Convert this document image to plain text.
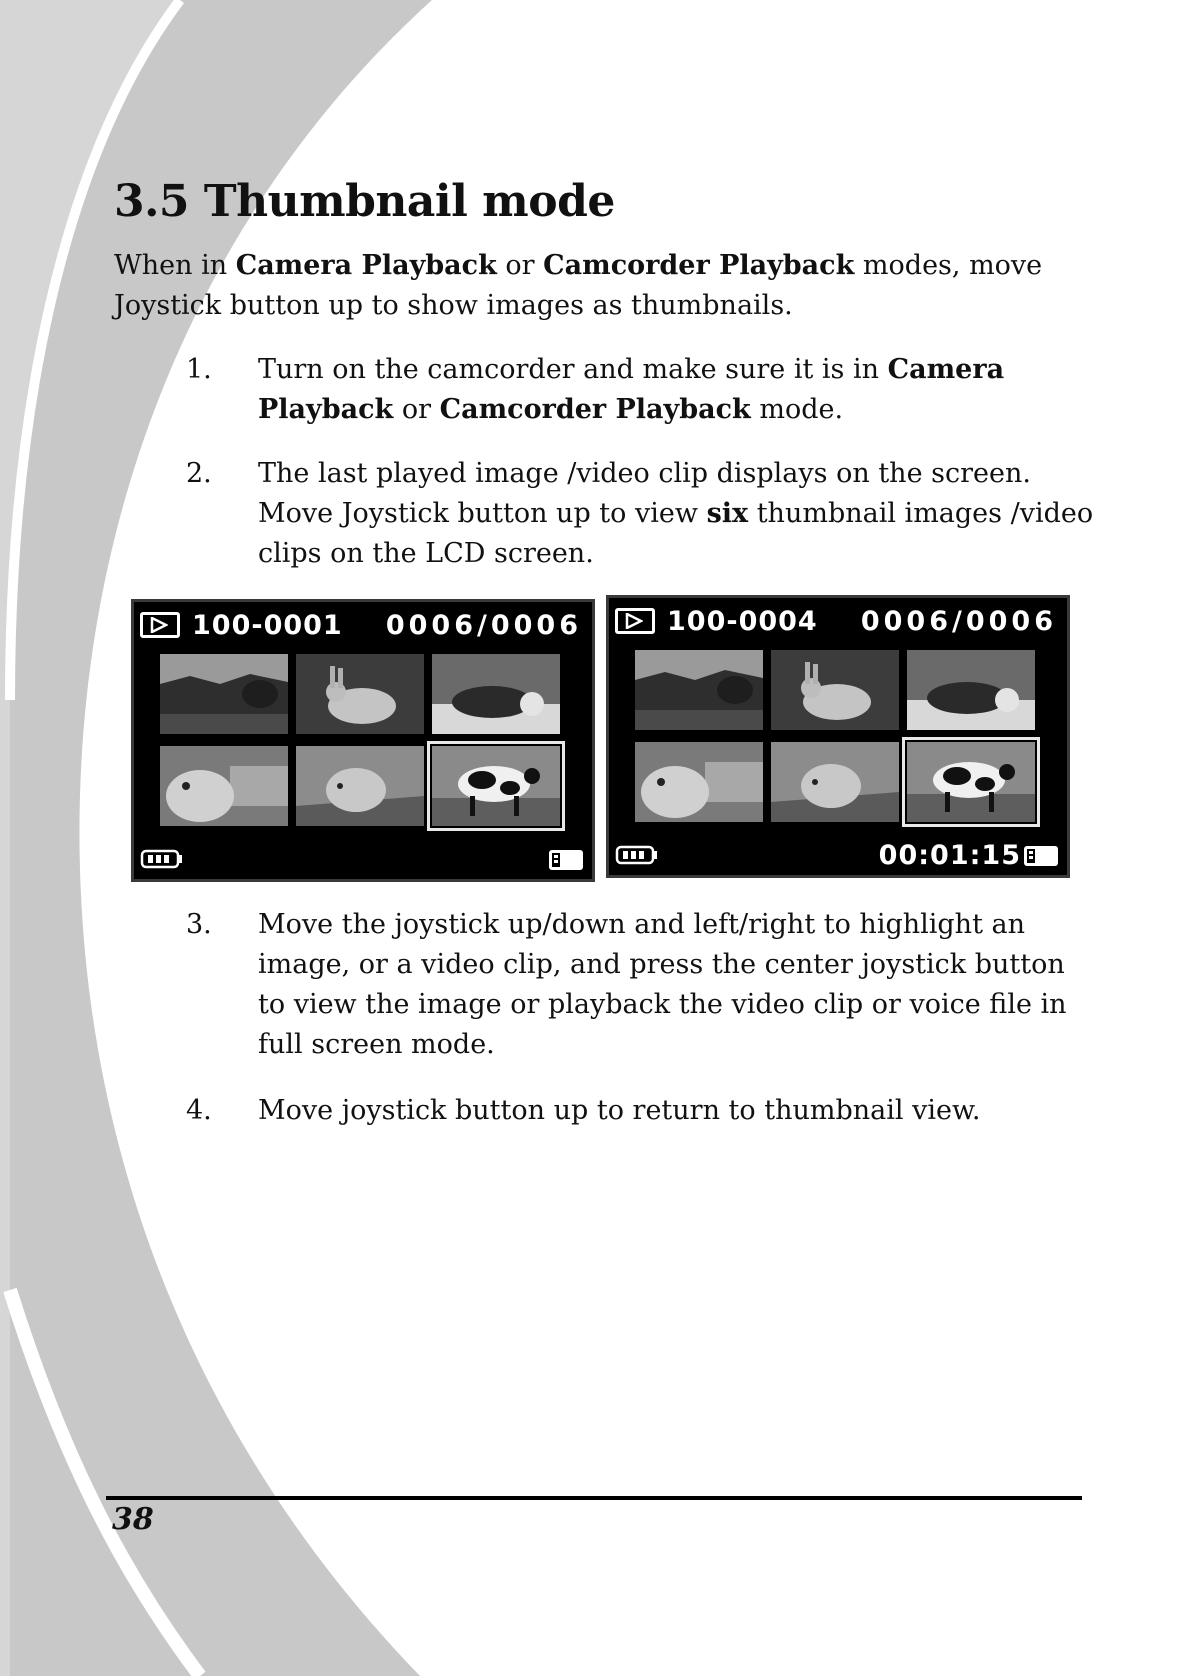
3.5 Thumbnail mode

When in Camera Playback or Camcorder Playback modes, move Joystick button up to show images as thumbnails.

1.	Turn on the camcorder and make sure it is in Camera Playback or Camcorder Playback mode.
2.	The last played image /video clip displays on the screen. Move Joystick button up to view six thumbnail images /video clips on the LCD screen.
100-0001 0006/0006	100-0004 0006/0006
00:01:15
3.	Move the joystick up/down and left/right to highlight an image, or a video clip, and press the center joystick button to view the image or playback the video clip or voice file in full screen mode.
4.	Move joystick button up to return to thumbnail view.
38
